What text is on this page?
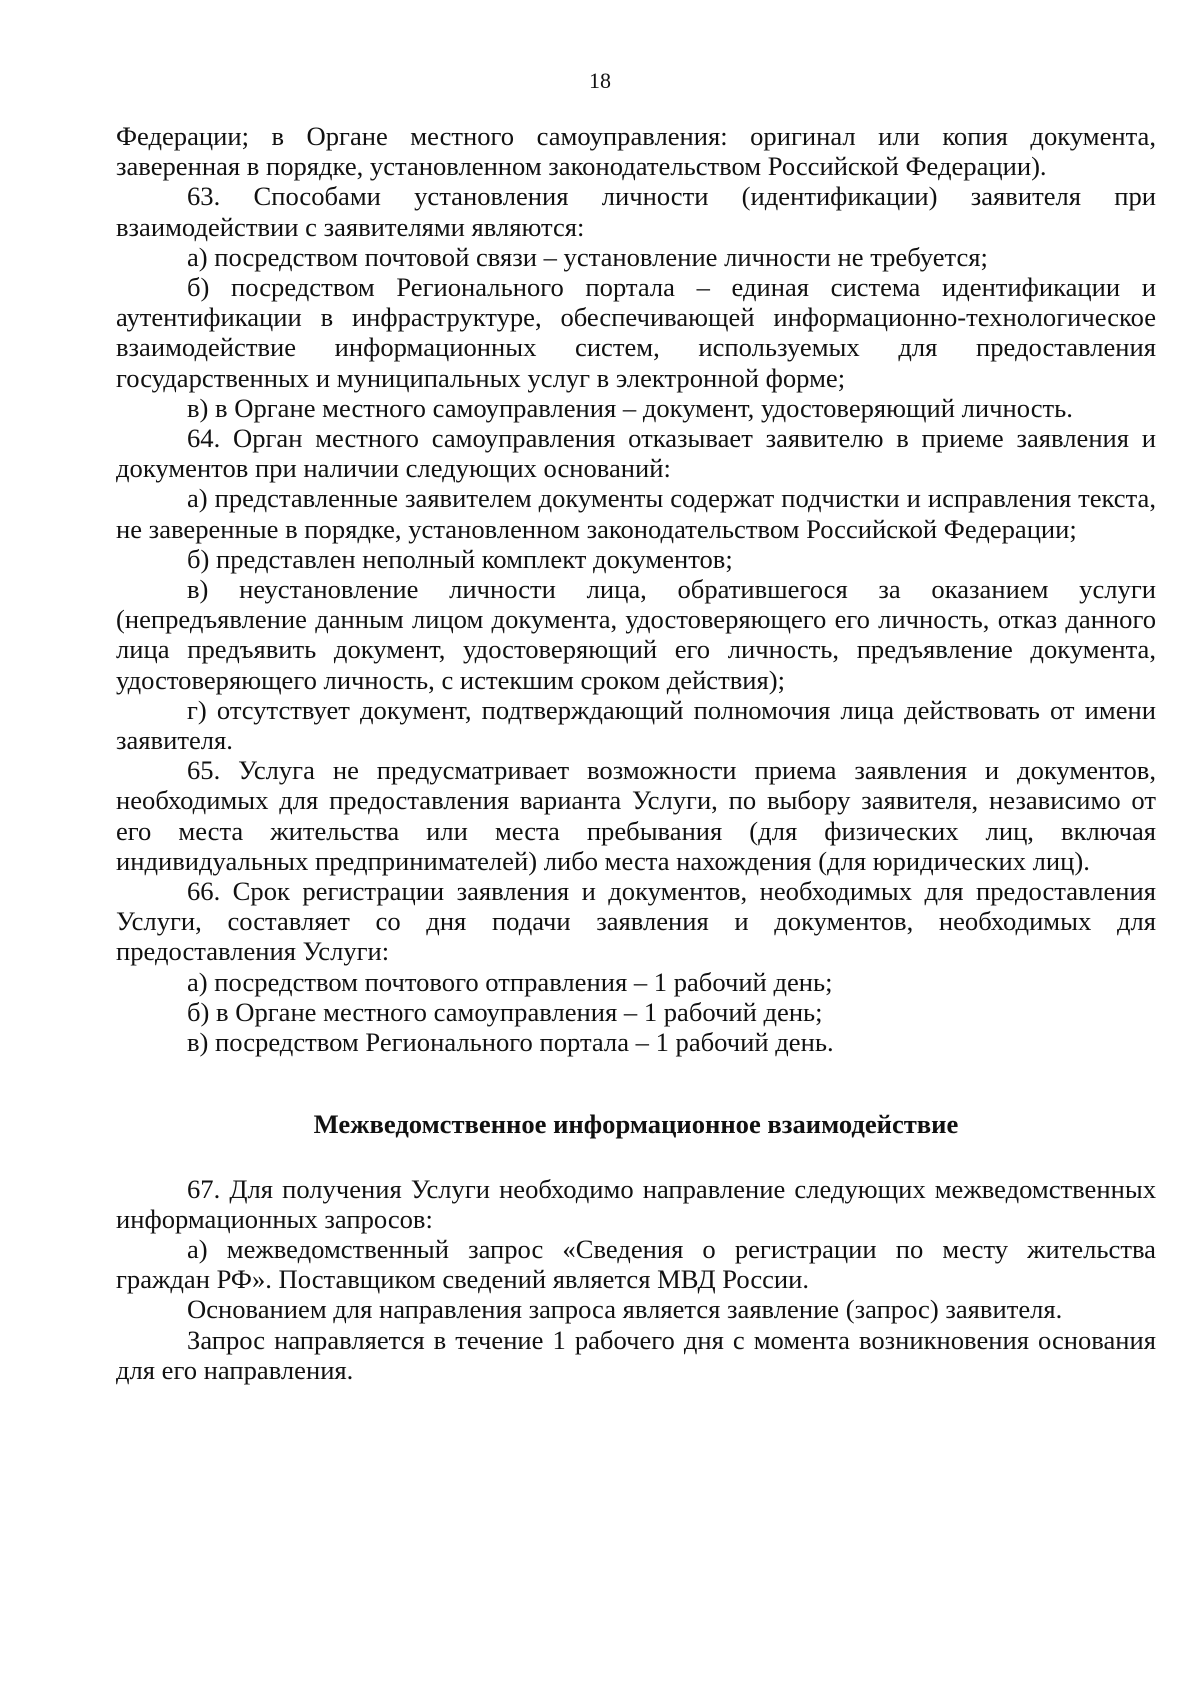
18

Федерации; в Органе местного самоуправления: оригинал или копия документа, заверенная в порядке, установленном законодательством Российской Федерации).

63. Способами установления личности (идентификации) заявителя при взаимодействии с заявителями являются:

а) посредством почтовой связи – установление личности не требуется;

б) посредством Регионального портала – единая система идентификации и аутентификации в инфраструктуре, обеспечивающей информационно-технологическое взаимодействие информационных систем, используемых для предоставления государственных и муниципальных услуг в электронной форме;

в) в Органе местного самоуправления – документ, удостоверяющий личность.

64. Орган местного самоуправления отказывает заявителю в приеме заявления и документов при наличии следующих оснований:

а) представленные заявителем документы содержат подчистки и исправления текста, не заверенные в порядке, установленном законодательством Российской Федерации;

б) представлен неполный комплект документов;

в) неустановление личности лица, обратившегося за оказанием услуги (непредъявление данным лицом документа, удостоверяющего его личность, отказ данного лица предъявить документ, удостоверяющий его личность, предъявление документа, удостоверяющего личность, с истекшим сроком действия);

г) отсутствует документ, подтверждающий полномочия лица действовать от имени заявителя.

65. Услуга не предусматривает возможности приема заявления и документов, необходимых для предоставления варианта Услуги, по выбору заявителя, независимо от его места жительства или места пребывания (для физических лиц, включая индивидуальных предпринимателей) либо места нахождения (для юридических лиц).

66. Срок регистрации заявления и документов, необходимых для предоставления Услуги, составляет со дня подачи заявления и документов, необходимых для предоставления Услуги:

а) посредством почтового отправления – 1 рабочий день;

б) в Органе местного самоуправления – 1 рабочий день;

в) посредством Регионального портала – 1 рабочий день.

Межведомственное информационное взаимодействие

67. Для получения Услуги необходимо направление следующих межведомственных информационных запросов:

а) межведомственный запрос «Сведения о регистрации по месту жительства граждан РФ». Поставщиком сведений является МВД России.

Основанием для направления запроса является заявление (запрос) заявителя.

Запрос направляется в течение 1 рабочего дня с момента возникновения основания для его направления.
